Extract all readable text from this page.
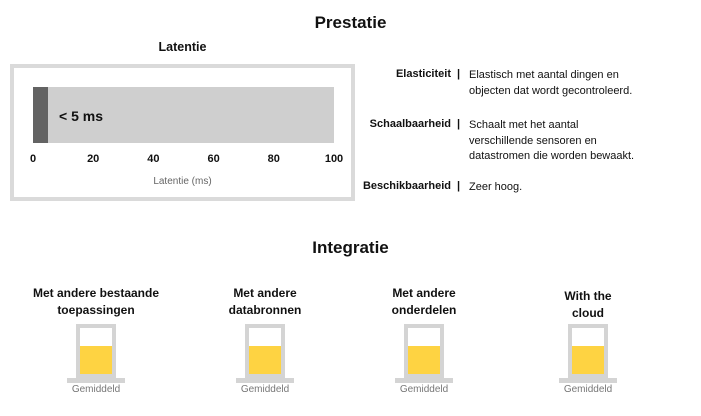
Prestatie
Latentie
< 5 ms
0	20	40	60	80	100
Latentie (ms)
Elasticiteit | Elastisch met aantal dingen en
objecten dat wordt gecontroleerd.
Schaalbaarheid | Schaalt met het aantal
verschillende sensoren en
datastromen die worden bewaakt.
Beschikbaarheid | Zeer hoog.
Integratie
Met andere bestaande
toepassingen
Gemiddeld
Met andere
databronnen
Gemiddeld
Met andere
onderdelen
Gemiddeld
With the
cloud
Gemiddeld
